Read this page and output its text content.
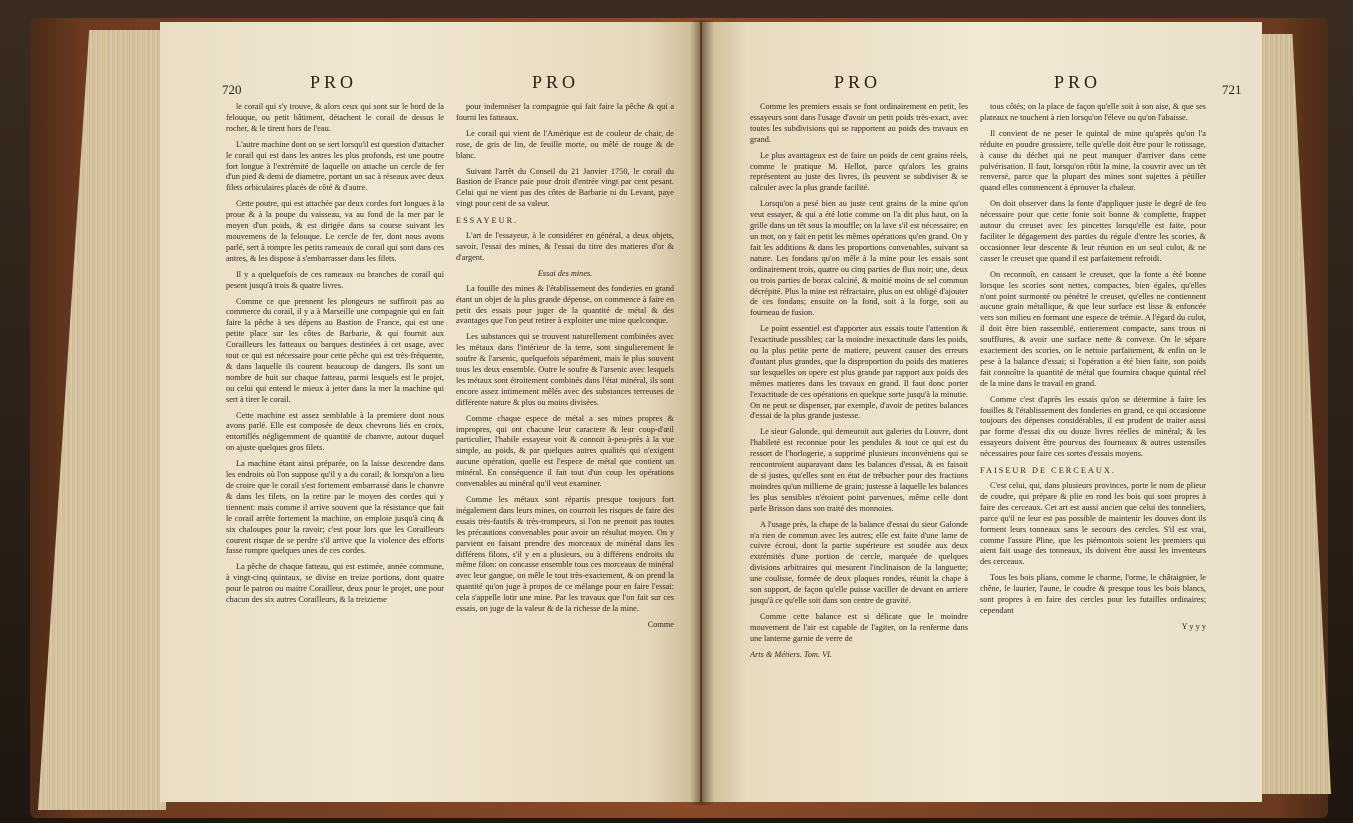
720	PRO	PRO

le corail qui s'y trouve, & alors ceux qui sont sur le bord de la felouque, ou petit bâtiment, détachent le corail de dessus le rocher, & le tirent hors de l'eau.

L'autre machine dont on se sert lorsqu'il est question d'attacher le corail qui est dans les antres les plus profonds, est une poutre fort longue à l'extrémité de laquelle on attache un cercle de fer d'un pied & demi de diametre, portant un sac à réseaux avec deux filets orbiculaires placés de côté & d'autre.

Cette poutre, qui est attachée par deux cordes fort longues à la proue & à la poupe du vaisseau, va au fond de la mer par le moyen d'un poids, & est dirigée dans sa course suivant les mouvemens de la felouque. Le cercle de fer, dont nous avons parlé, sert à rompre les petits rameaux de corail qui sont dans ces antres, & les dispose à s'embarrasser dans les filets.

Il y a quelquefois de ces rameaux ou branches de corail qui pesent jusqu'à trois & quatre livres.

Comme ce que prennent les plongeurs ne suffiroit pas au commerce du corail, il y a à Marseille une compagnie qui en fait faire la pêche à ses dépens au Bastion de France, qui est une petite place sur les côtes de Barbarie, & qui fournit aux Corailleurs les fatteaux ou barques destinées à cet usage, avec tout ce qui est nécessaire pour cette pêche qui est très-fréquente, & dans laquelle ils courent beaucoup de dangers. Ils sont un nombre de huit sur chaque fatteau, parmi lesquels est le projet, ou celui qui entend le mieux à jetter dans la mer la machine qui sert à tirer le corail.

Cette machine est assez semblable à la premiere dont nous avons parlé. Elle est composée de deux chevrons liés en croix, entortillés négligemment de quantité de chanvre, autour duquel on ajuste quelques gros filets.

La machine étant ainsi préparée, on la laisse descendre dans les endroits où l'on suppose qu'il y a du corail; & lorsqu'on a lieu de croire que le corail s'est fortement embarrassé dans le chanvre & dans les filets, on la retire par le moyen des cordes qui y tiennent: mais comme il arrive souvent que la résistance que fait le corail arrête fortement la machine, on emploie jusqu'à cinq & six chaloupes pour la ravoir; c'est pour lors que les Corailleurs courent risque de se perdre s'il arrive que la violence des efforts fasse rompre quelques unes de ces cordes.

La pêche de chaque fatteau, qui est estimée, année commune, à vingt-cinq quintaux, se divise en treize portions, dont quatre pour le patron ou maitre Corailleur, deux pour le projet, une pour chacun des six autres Corailleurs, & la treizieme

pour indemniser la compagnie qui fait faire la pêche & qui a fourni les fatteaux.

Le corail qui vient de l'Amérique est de couleur de chair, de rose, de gris de lin, de feuille morte, ou mêlé de rouge & de blanc.

Suivant l'arrêt du Conseil du 21 Janvier 1750, le corail du Bastion de France paie pour droit d'entrée vingt par cent pesant. Celui qui ne vient pas des côtes de Barbarie ni du Levant, paye vingt pour cent de sa valeur.

ESSAYEUR.

L'art de l'essayeur, à le considérer en général, a deux objets, savoir, l'essai des mines, & l'essai du titre des matieres d'or & d'argent.

Essai des mines.

La fouille des mines & l'établissement des fonderies en grand étant un objet de la plus grande dépense, on commence à faire en petit des essais pour juger de la quantité de métal & des avantages que l'on peut retirer à exploiter une mine quelconque.

Les substances qui se trouvent naturellement combinées avec les métaux dans l'intérieur de la terre, sont singulierement le soufre & l'arsenic, quelquefois séparément, mais le plus souvent tous les deux ensemble. Outre le soufre & l'arsenic avec lesquels les métaux sont étroitement combinés dans l'état minéral, ils sont encore assez intimement mêlés avec des substances terreuses de différente nature & plus ou moins divisées.

Comme chaque espece de métal a ses mines propres & impropres, qui ont chacune leur caractere & leur coup-d'œil particulier, l'habile essayeur voit & connoit à-peu-près à la vue simple, au poids, & par quelques autres qualités qui n'exigent aucune opération, quelle est l'espece de métal que contient un minéral. En conséquence il fait tout d'un coup les opérations convenables au minéral qu'il veut examiner.

Comme les métaux sont répartis presque toujours fort inégalement dans leurs mines, on courroit les risques de faire des essais très-fautifs & très-trompeurs, si l'on ne prenoit pas toutes les précautions convenables pour avoir un résultat moyen. On y parvient en faisant prendre des morceaux de minéral dans les différens filons, s'il y en a plusieurs, ou à différens endroits du même filon: on concasse ensemble tous ces morceaux de minéral avec leur gangue, on mêle le tout très-exactement, & on prend la quantité qu'on juge à propos de ce mélange pour en faire l'essai: cela s'appelle lotir une mine. Par les travaux que l'on fait sur ces essais, on juge de la valeur & de la richesse de la mine.

Comme

PRO	PRO	721

Comme les premiers essais se font ordinairement en petit, les essayeurs sont dans l'usage d'avoir un petit poids très-exact, avec toutes les subdivisions qui se rapportent au poids des travaux en grand.

Le plus avantageux est de faire un poids de cent grains réels, comme le pratique M. Hellot, parce qu'alors les grains représentent au juste des livres, ils peuvent se subdiviser & se calculer avec la plus grande facilité.

Lorsqu'on a pesé bien au juste cent grains de la mine qu'on veut essayer, & qui a été lotie comme on l'a dit plus haut, on la grille dans un têt sous la mouffle; on la lave s'il est nécessaire; en un mot, on y fait en petit les mêmes opérations qu'en grand. On y fait les additions & dans les proportions convenables, suivant sa nature. Les fondans qu'on mêle à la mine pour les essais sont ordinairement trois, quatre ou cinq parties de flux noir; une, deux ou trois parties de borax calciné, & moitié moins de sel commun décrépité. Plus la mine est réfractaire, plus on est obligé d'ajouter de ces fondans; ensuite on la fond, soit à la forge, soit au fourneau de fusion.

Le point essentiel est d'apporter aux essais toute l'attention & l'exactitude possibles; car la moindre inexactitude dans les poids, ou la plus petite perte de matiere, peuvent causer des erreurs d'autant plus grandes, que la disproportion du poids des matieres sur lesquelles on opere est plus grande par rapport aux poids des mêmes matieres dans les travaux en grand. Il faut donc porter l'exactitude de ces opérations en quelque sorte jusqu'à la minutie. On ne peut se dispenser, par exemple, d'avoir de petites balances d'essai de la plus grande justesse.

Le sieur Galonde, qui demeuroit aux galeries du Louvre, dont l'habileté est reconnue pour les pendules & tout ce qui est du ressort de l'horlogerie, a supprimé plusieurs inconvéniens qui se rencontroient auparavant dans les balances d'essai, & en faisoit de si justes, qu'elles sont en état de trébucher pour des fractions moindres qu'un millieme de grain; justesse à laquelle les balances les plus sensibles n'étoient point parvenues, même celle dont parle Brisson dans son traité des monnoies.

A l'usage près, la chape de la balance d'essai du sieur Galonde n'a rien de commun avec les autres; elle est faite d'une lame de cuivre écroui, dont la partie supérieure est soudée aux deux extrémités d'une portion de cercle, marquée de quelques divisions arbitraires qui mesurent l'inclinaison de la languette; une coulisse, formée de deux plaques rondes, réunit la chape à son support, de façon qu'elle puisse vaciller de devant en arriere jusqu'à ce qu'elle soit dans son centre de gravité.

Comme cette balance est si délicate que le moindre mouvement de l'air est capable de l'agiter, on la renferme dans une lanterne garnie de verre de

Arts & Métiers. Tom. VI.

tous côtés; on la place de façon qu'elle soit à son aise, & que ses plateaux ne touchent à rien lorsqu'on l'éleve ou qu'on l'abaisse.

Il convient de ne peser le quintal de mine qu'après qu'on l'a réduite en poudre grossiere, telle qu'elle doit être pour le rotissage, à cause du déchet qui ne peut manquer d'arriver dans cette pulvérisation. Il faut, lorsqu'on rôtit la mine, la couvrir avec un têt renversé, parce que la plupart des mines sont sujettes à pétiller quand elles commencent à éprouver la chaleur.

On doit observer dans la fonte d'appliquer juste le degré de feu nécessaire pour que cette fonte soit bonne & complette, frapper autour du creuset avec les pincettes lorsqu'elle est faite, pour faciliter le dégagement des parties du régule d'entre les scories, & occasionner leur descente & leur réunion en un seul culot, & ne casser le creuset que quand il est parfaitement refroidi.

On reconnoît, en cassant le creuset, que la fonte a été bonne lorsque les scories sont nettes, compactes, bien égales, qu'elles n'ont point surmonté ou pénétré le creuset, qu'elles ne contiennent aucune grain métallique, & que leur surface est lisse & enfoncée vers son milieu en formant une espece de trémie. A l'égard du culot, il doit être bien rassemblé, entierement compacte, sans trous ni soufflures, & avoir une surface nette & convexe. On le sépare exactement des scories, on le nettoie parfaitement, & enfin on le pese à la balance d'essai; si l'opération a été bien faite, son poids fait connoître la quantité de métal que fournira chaque quintal réel de la mine dans le travail en grand.

Comme c'est d'après les essais qu'on se détermine à faire les fouilles & l'établissement des fonderies en grand, ce qui occasionne toujours des dépenses considérables, il est prudent de traiter aussi par forme d'essai dix ou douze livres réelles de minéral; & les essayeurs doivent être pourvus des fourneaux & autres ustensiles nécessaires pour faire ces sortes d'essais moyens.

FAISEUR DE CERCEAUX.

C'est celui, qui, dans plusieurs provinces, porte le nom de plieur de coudre, qui prépare & plie en rond les bois qui sont propres à faire des cerceaux. Cet art est aussi ancien que celui des tonneliers, parce qu'il ne leur est pas possible de maintenir les douves dont ils forment leurs tonneaux sans le secours des cercles. S'il est vrai, comme l'assure Pline, que les piémontois soient les premiers qui aient fait usage des tonneaux, ils doivent être aussi les inventeurs des cerceaux.

Tous les bois plians, comme le charme, l'orme, le châtaignier, le chêne, le laurier, l'aune, le coudre & presque tous les bois blancs, sont propres à en faire des cercles pour les futailles ordinaires; cependant

Y y y y
